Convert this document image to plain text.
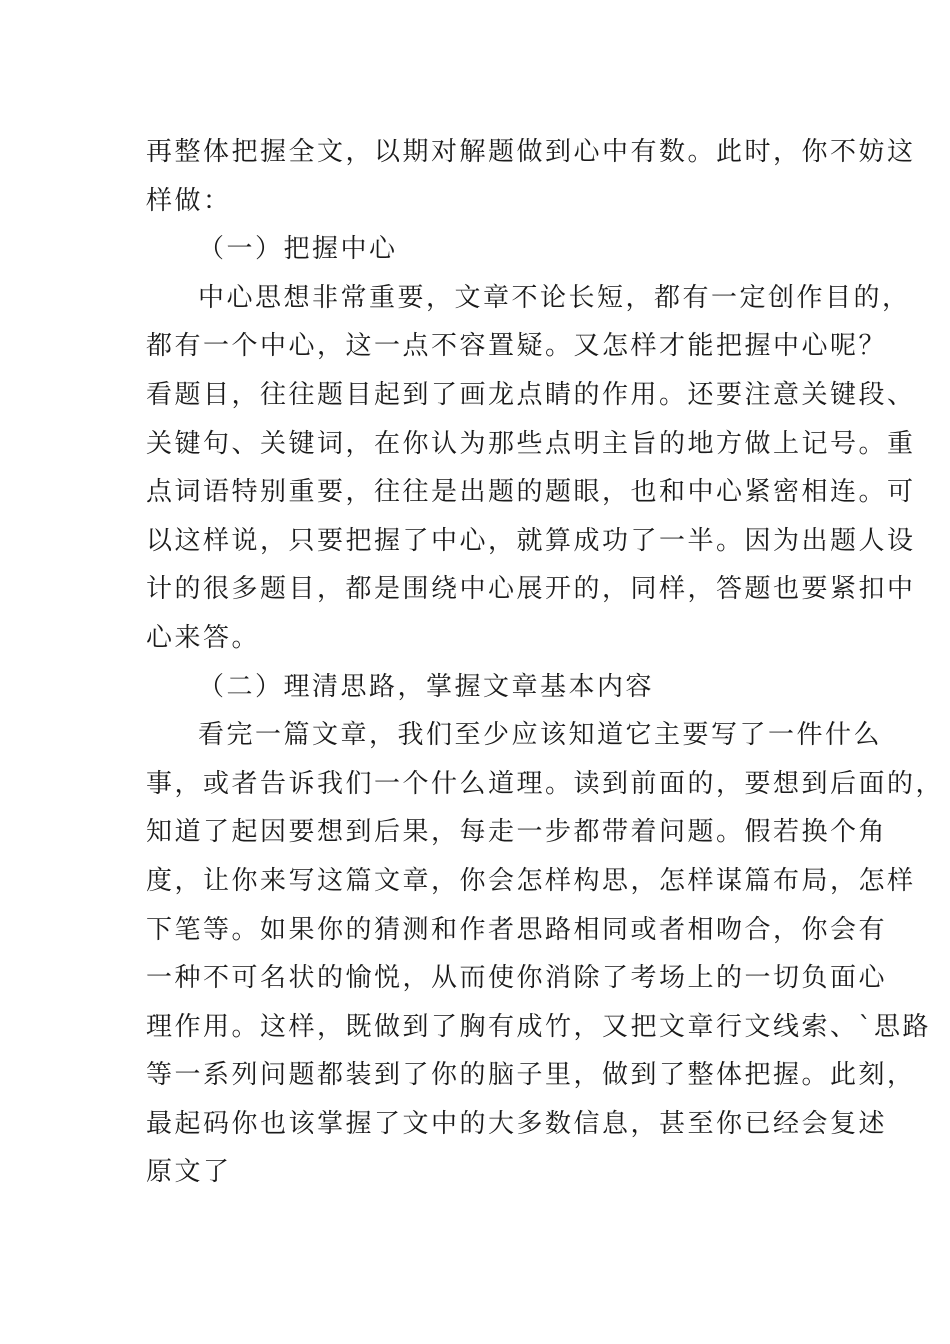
再整体把握全文，以期对解题做到心中有数。此时，你不妨这
样做：
（一）把握中心
中心思想非常重要，文章不论长短，都有一定创作目的，
都有一个中心，这一点不容置疑。又怎样才能把握中心呢？
看题目，往往题目起到了画龙点睛的作用。还要注意关键段、
关键句、关键词，在你认为那些点明主旨的地方做上记号。重
点词语特别重要，往往是出题的题眼，也和中心紧密相连。可
以这样说，只要把握了中心，就算成功了一半。因为出题人设
计的很多题目，都是围绕中心展开的，同样，答题也要紧扣中
心来答。
（二）理清思路，掌握文章基本内容
看完一篇文章，我们至少应该知道它主要写了一件什么
事，或者告诉我们一个什么道理。读到前面的，要想到后面的，
知道了起因要想到后果，每走一步都带着问题。假若换个角
度，让你来写这篇文章，你会怎样构思，怎样谋篇布局，怎样
下笔等。如果你的猜测和作者思路相同或者相吻合，你会有
一种不可名状的愉悦，从而使你消除了考场上的一切负面心
理作用。这样，既做到了胸有成竹，又把文章行文线索、`思路
等一系列问题都装到了你的脑子里，做到了整体把握。此刻，
最起码你也该掌握了文中的大多数信息，甚至你已经会复述
原文了
